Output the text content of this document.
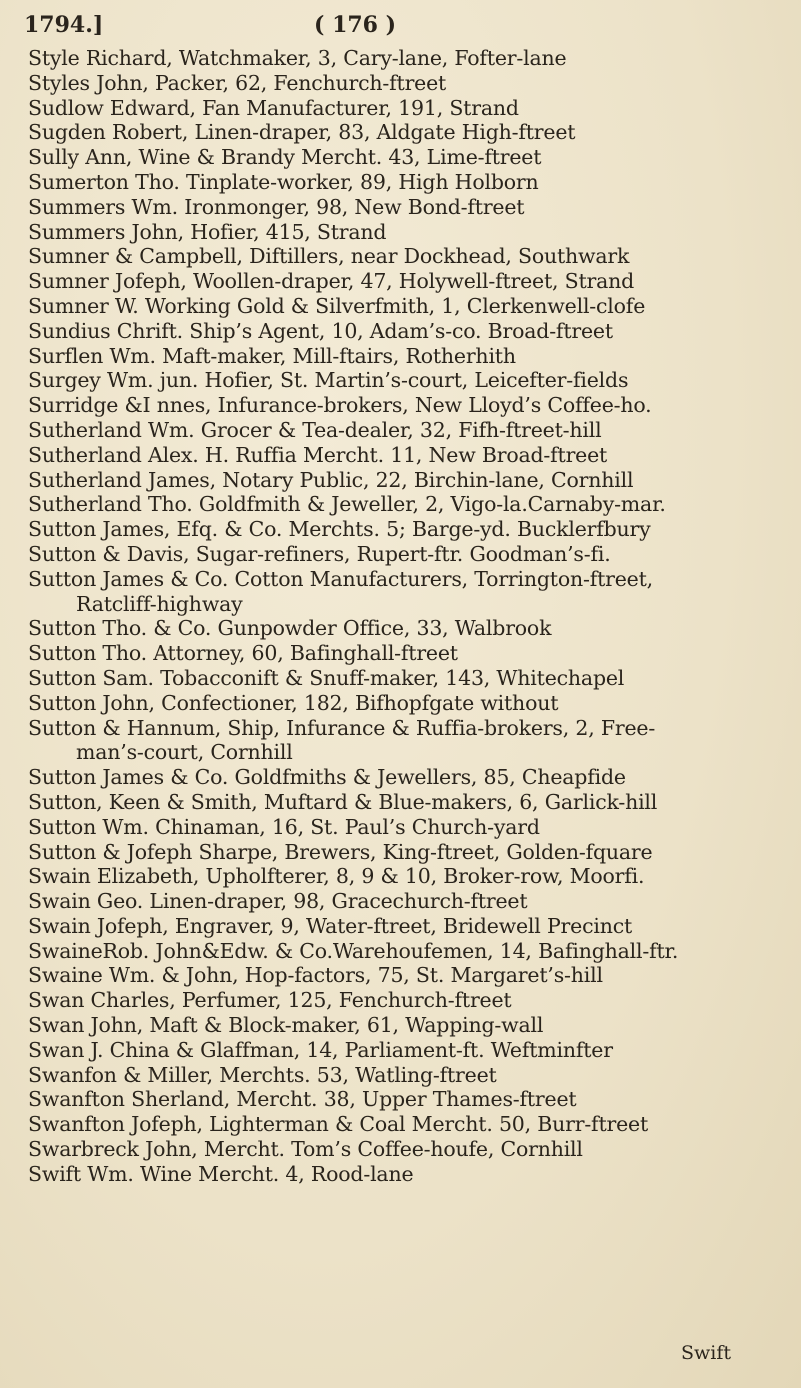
1794.]	( 176 )
Style Richard, Watchmaker, 3, Cary-lane, Fofter-lane
Styles John, Packer, 62, Fenchurch-ftreet
Sudlow Edward, Fan Manufacturer, 191, Strand
Sugden Robert, Linen-draper, 83, Aldgate High-ftreet
Sully Ann, Wine & Brandy Mercht. 43, Lime-ftreet
Sumerton Tho. Tinplate-worker, 89, High Holborn
Summers Wm. Ironmonger, 98, New Bond-ftreet
Summers John, Hofier, 415, Strand
Sumner & Campbell, Diftillers, near Dockhead, Southwark
Sumner Jofeph, Woollen-draper, 47, Holywell-ftreet, Strand
Sumner W. Working Gold & Silverfmith, 1, Clerkenwell-clofe
Sundius Chrift. Ship’s Agent, 10, Adam’s-co. Broad-ftreet
Surflen Wm. Maft-maker, Mill-ftairs, Rotherhith
Surgey Wm. jun. Hofier, St. Martin’s-court, Leicefter-fields
Surridge &I nnes, Infurance-brokers, New Lloyd’s Coffee-ho.
Sutherland Wm. Grocer & Tea-dealer, 32, Fifh-ftreet-hill
Sutherland Alex. H. Ruffia Mercht. 11, New Broad-ftreet
Sutherland James, Notary Public, 22, Birchin-lane, Cornhill
Sutherland Tho. Goldfmith & Jeweller, 2, Vigo-la.Carnaby-mar.
Sutton James, Efq. & Co. Merchts. 5; Barge-yd. Bucklerfbury
Sutton & Davis, Sugar-refiners, Rupert-ftr. Goodman’s-fi.
Sutton James & Co. Cotton Manufacturers, Torrington-ftreet,
Ratcliff-highway
Sutton Tho. & Co. Gunpowder Office, 33, Walbrook
Sutton Tho. Attorney, 60, Bafinghall-ftreet
Sutton Sam. Tobacconift & Snuff-maker, 143, Whitechapel
Sutton John, Confectioner, 182, Bifhopfgate without
Sutton & Hannum, Ship, Infurance & Ruffia-brokers, 2, Free-
man’s-court, Cornhill
Sutton James & Co. Goldfmiths & Jewellers, 85, Cheapfide
Sutton, Keen & Smith, Muftard & Blue-makers, 6, Garlick-hill
Sutton Wm. Chinaman, 16, St. Paul’s Church-yard
Sutton & Jofeph Sharpe, Brewers, King-ftreet, Golden-fquare
Swain Elizabeth, Upholfterer, 8, 9 & 10, Broker-row, Moorfi.
Swain Geo. Linen-draper, 98, Gracechurch-ftreet
Swain Jofeph, Engraver, 9, Water-ftreet, Bridewell Precinct
SwaineRob. John&Edw. & Co.Warehoufemen, 14, Bafinghall-ftr.
Swaine Wm. & John, Hop-factors, 75, St. Margaret’s-hill
Swan Charles, Perfumer, 125, Fenchurch-ftreet
Swan John, Maft & Block-maker, 61, Wapping-wall
Swan J. China & Glaffman, 14, Parliament-ft. Weftminfter
Swanfon & Miller, Merchts. 53, Watling-ftreet
Swanfton Sherland, Mercht. 38, Upper Thames-ftreet
Swanfton Jofeph, Lighterman & Coal Mercht. 50, Burr-ftreet
Swarbreck John, Mercht. Tom’s Coffee-houfe, Cornhill
Swift Wm. Wine Mercht. 4, Rood-lane
Swift
